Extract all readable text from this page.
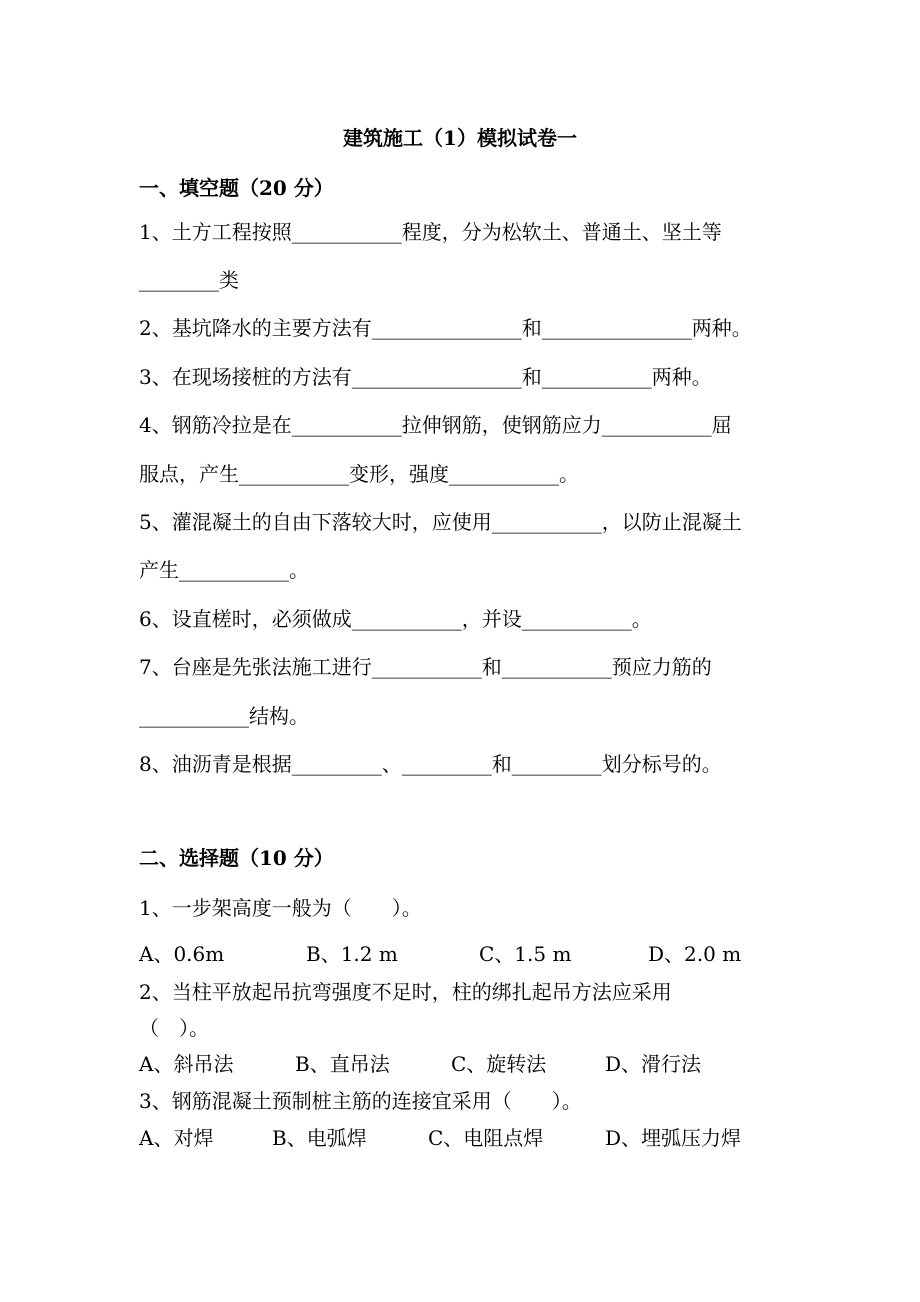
建筑施工（1）模拟试卷一
一、填空题（20 分）
1、土方工程按照___________程度，分为松软土、普通土、坚土等
________类
2、基坑降水的主要方法有_______________和_______________两种。
3、在现场接桩的方法有_________________和___________两种。
4、钢筋冷拉是在___________拉伸钢筋，使钢筋应力___________屈
服点，产生___________变形，强度___________。
5、灌混凝土的自由下落较大时，应使用___________，以防止混凝土
产生___________。
6、设直槎时，必须做成___________，并设___________。
7、台座是先张法施工进行___________和___________预应力筋的
___________结构。
8、油沥青是根据_________、_________和_________划分标号的。
二、选择题（10 分）
1、一步架高度一般为（　　）。
A、0.6m	B、1.2 m	C、1.5 m	D、2.0 m
2、当柱平放起吊抗弯强度不足时，柱的绑扎起吊方法应采用
（　）。
A、斜吊法	B、直吊法	C、旋转法	D、滑行法
3、钢筋混凝土预制桩主筋的连接宜采用（　　）。
A、对焊	B、电弧焊	C、电阻点焊	D、埋弧压力焊
